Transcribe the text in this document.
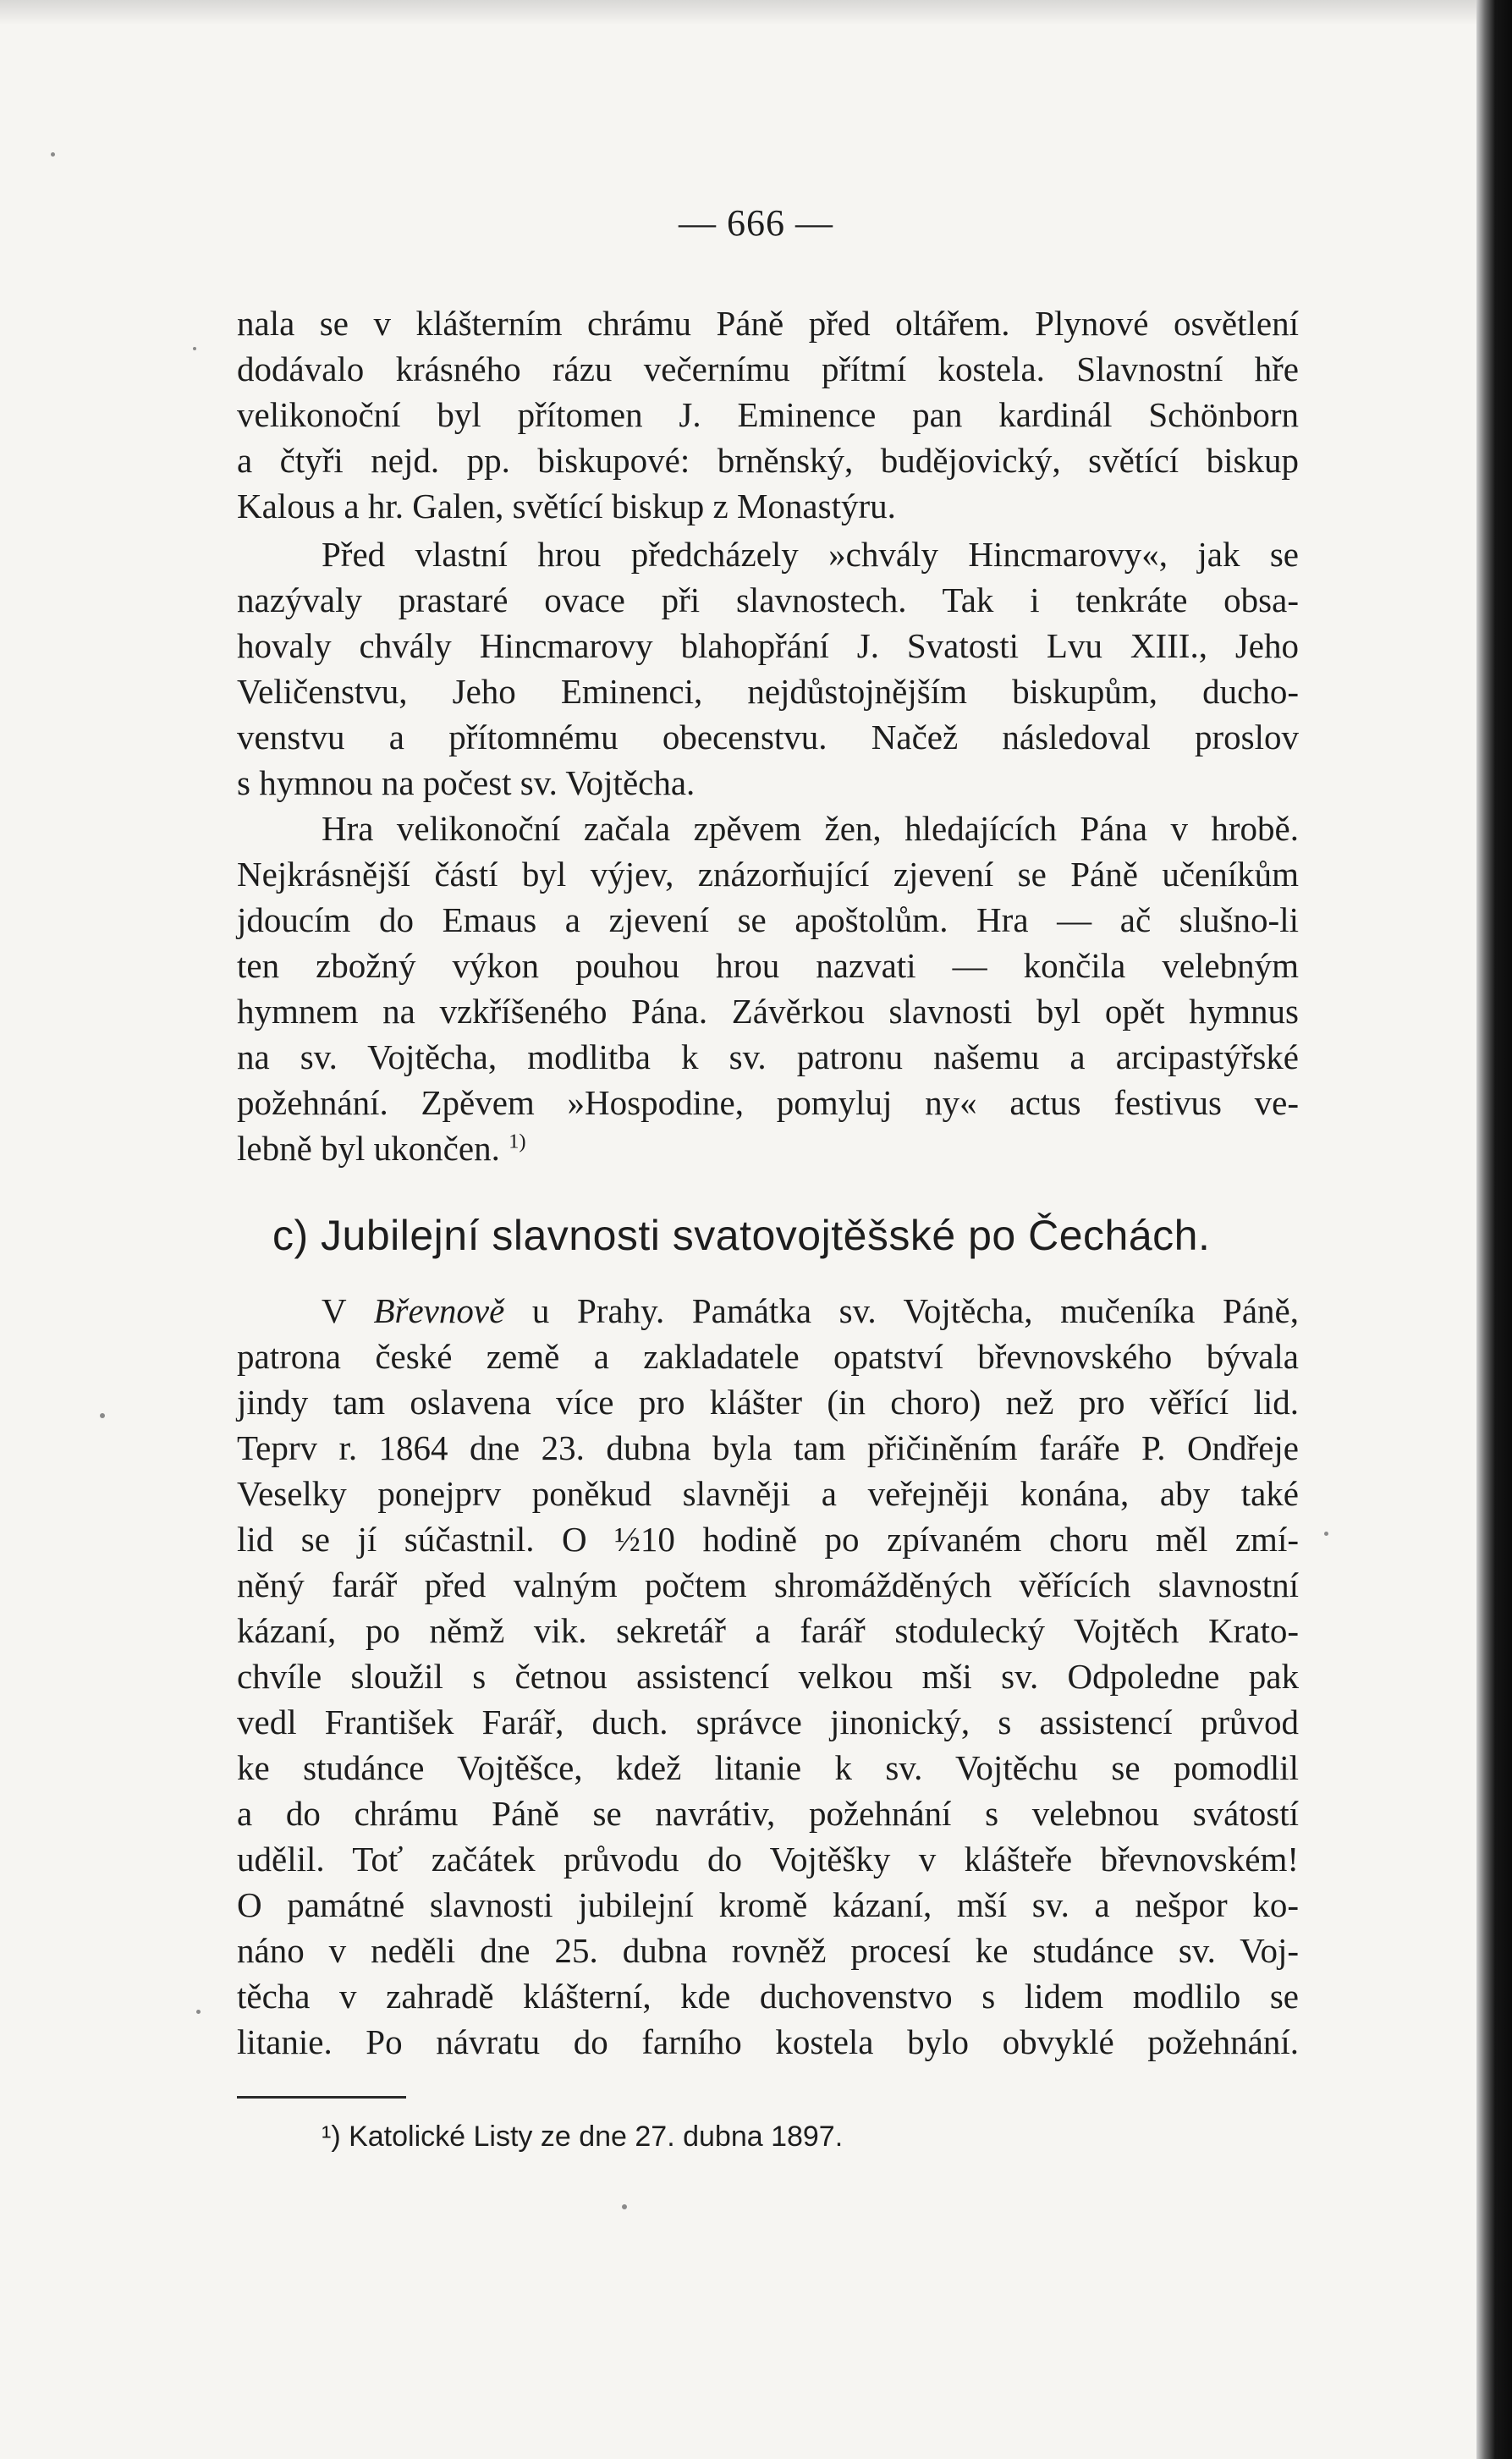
— 666 —
nala se v klášterním chrámu Páně před oltářem. Plynové osvětlení
dodávalo krásného rázu večernímu přítmí kostela. Slavnostní hře
velikonoční byl přítomen J. Eminence pan kardinál Schönborn
a čtyři nejd. pp. biskupové: brněnský, budějovický, světící biskup
Kalous a hr. Galen, světící biskup z Monastýru.
Před vlastní hrou předcházely »chvály Hincmarovy«, jak se
nazývaly prastaré ovace při slavnostech. Tak i tenkráte obsa-
hovaly chvály Hincmarovy blahopřání J. Svatosti Lvu XIII., Jeho
Veličenstvu, Jeho Eminenci, nejdůstojnějším biskupům, ducho-
venstvu a přítomnému obecenstvu. Načež následoval proslov
s hymnou na počest sv. Vojtěcha.
Hra velikonoční začala zpěvem žen, hledajících Pána v hrobě.
Nejkrásnější částí byl výjev, znázorňující zjevení se Páně učeníkům
jdoucím do Emaus a zjevení se apoštolům. Hra — ač slušno-li
ten zbožný výkon pouhou hrou nazvati — končila velebným
hymnem na vzkříšeného Pána. Závěrkou slavnosti byl opět hymnus
na sv. Vojtěcha, modlitba k sv. patronu našemu a arcipastýřské
požehnání. Zpěvem »Hospodine, pomyluj ny« actus festivus ve-
lebně byl ukončen. $^{1)}$
c) Jubilejní slavnosti svatovojtěšské po Čechách.
V Břevnově u Prahy. Památka sv. Vojtěcha, mučeníka Páně,
patrona české země a zakladatele opatství břevnovského bývala
jindy tam oslavena více pro klášter (in choro) než pro věřící lid.
Teprv r. 1864 dne 23. dubna byla tam přičiněním faráře P. Ondřeje
Veselky ponejprv poněkud slavněji a veřejněji konána, aby také
lid se jí súčastnil. O ½10 hodině po zpívaném choru měl zmí-
něný farář před valným počtem shromážděných věřících slavnostní
kázaní, po němž vik. sekretář a farář stodulecký Vojtěch Krato-
chvíle sloužil s četnou assistencí velkou mši sv. Odpoledne pak
vedl František Farář, duch. správce jinonický, s assistencí průvod
ke studánce Vojtěšce, kdež litanie k sv. Vojtěchu se pomodlil
a do chrámu Páně se navrátiv, požehnání s velebnou svátostí
udělil. Toť začátek průvodu do Vojtěšky v klášteře břevnovském!
O památné slavnosti jubilejní kromě kázaní, mší sv. a nešpor ko-
náno v neděli dne 25. dubna rovněž procesí ke studánce sv. Voj-
těcha v zahradě klášterní, kde duchovenstvo s lidem modlilo se
litanie. Po návratu do farního kostela bylo obvyklé požehnání.
¹) Katolické Listy ze dne 27. dubna 1897.
